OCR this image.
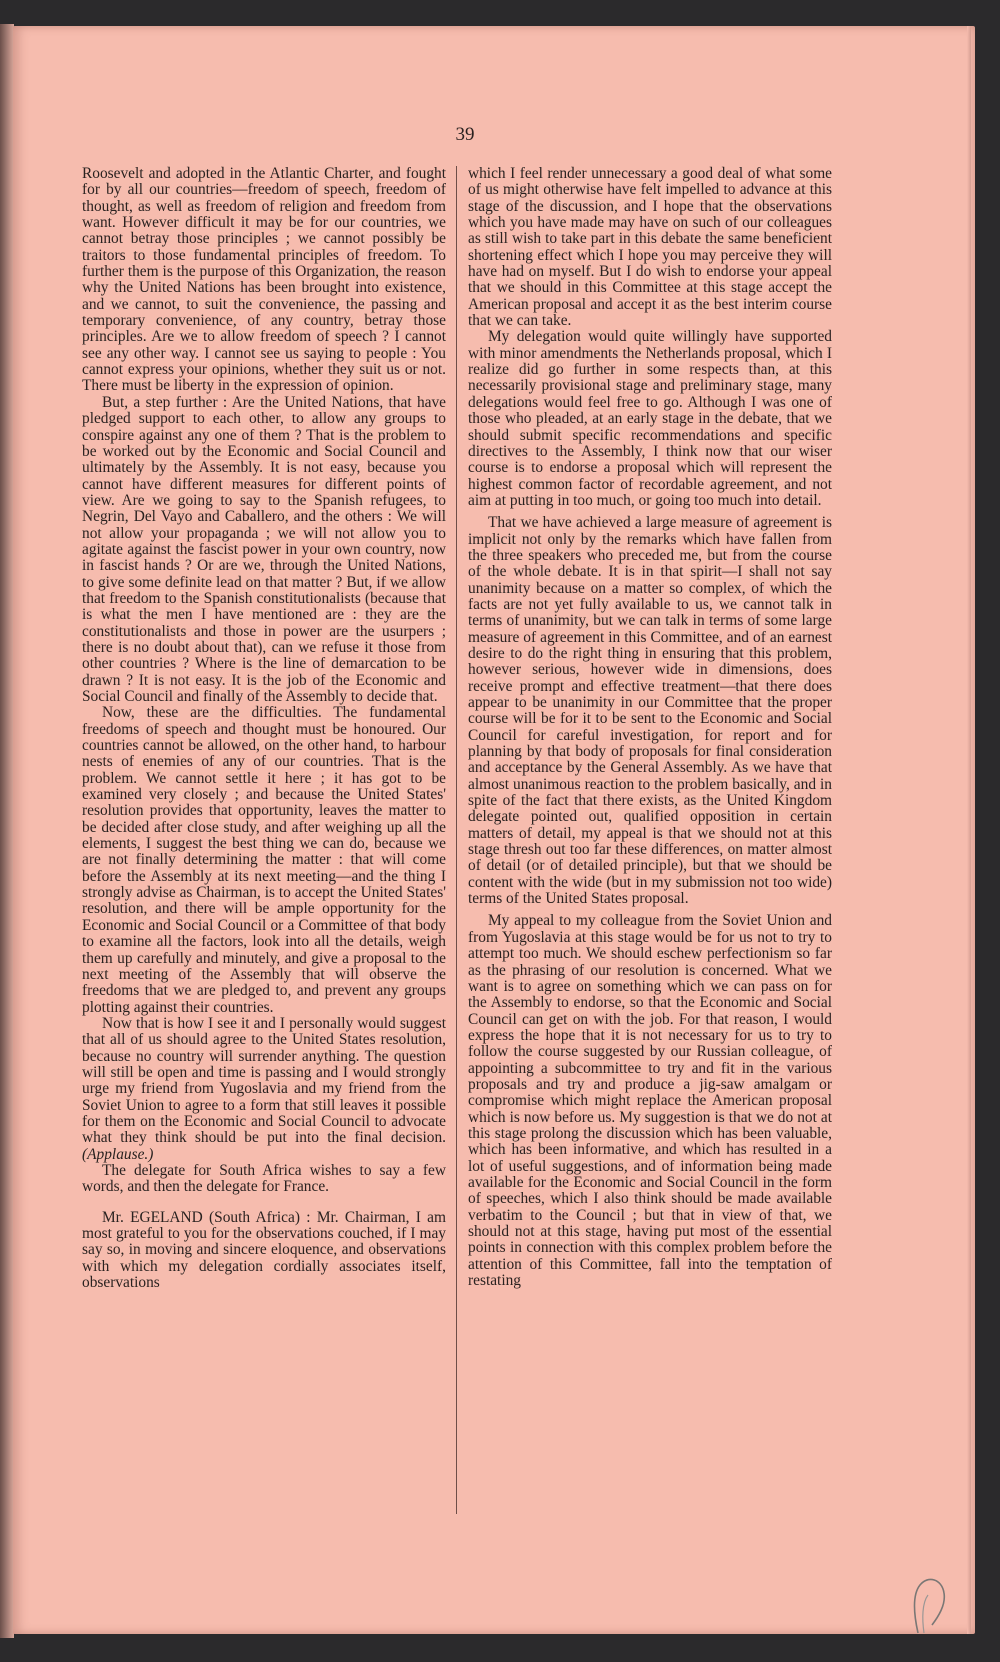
39

Roosevelt and adopted in the Atlantic Charter, and fought for by all our countries—freedom of speech, freedom of thought, as well as freedom of religion and freedom from want. However difficult it may be for our countries, we cannot betray those principles ; we cannot possibly be traitors to those fundamental principles of freedom. To further them is the purpose of this Organization, the reason why the United Nations has been brought into existence, and we cannot, to suit the convenience, the passing and temporary convenience, of any country, betray those principles. Are we to allow freedom of speech ? I cannot see any other way. I cannot see us saying to people : You cannot express your opinions, whether they suit us or not. There must be liberty in the expression of opinion.

But, a step further : Are the United Nations, that have pledged support to each other, to allow any groups to conspire against any one of them ? That is the problem to be worked out by the Economic and Social Council and ultimately by the Assembly. It is not easy, because you cannot have different measures for different points of view. Are we going to say to the Spanish refugees, to Negrin, Del Vayo and Caballero, and the others : We will not allow your propaganda ; we will not allow you to agitate against the fascist power in your own country, now in fascist hands ? Or are we, through the United Nations, to give some definite lead on that matter ? But, if we allow that freedom to the Spanish constitutionalists (because that is what the men I have mentioned are : they are the constitutionalists and those in power are the usurpers ; there is no doubt about that), can we refuse it those from other countries ? Where is the line of demarcation to be drawn ? It is not easy. It is the job of the Economic and Social Council and finally of the Assembly to decide that.

Now, these are the difficulties. The fundamental freedoms of speech and thought must be honoured. Our countries cannot be allowed, on the other hand, to harbour nests of enemies of any of our countries. That is the problem. We cannot settle it here ; it has got to be examined very closely ; and because the United States' resolution provides that opportunity, leaves the matter to be decided after close study, and after weighing up all the elements, I suggest the best thing we can do, because we are not finally determining the matter : that will come before the Assembly at its next meeting—and the thing I strongly advise as Chairman, is to accept the United States' resolution, and there will be ample opportunity for the Economic and Social Council or a Committee of that body to examine all the factors, look into all the details, weigh them up carefully and minutely, and give a proposal to the next meeting of the Assembly that will observe the freedoms that we are pledged to, and prevent any groups plotting against their countries.

Now that is how I see it and I personally would suggest that all of us should agree to the United States resolution, because no country will surrender anything. The question will still be open and time is passing and I would strongly urge my friend from Yugoslavia and my friend from the Soviet Union to agree to a form that still leaves it possible for them on the Economic and Social Council to advocate what they think should be put into the final decision. (Applause.)

The delegate for South Africa wishes to say a few words, and then the delegate for France.

Mr. EGELAND (South Africa) : Mr. Chairman, I am most grateful to you for the observations couched, if I may say so, in moving and sincere eloquence, and observations with which my delegation cordially associates itself, observations

which I feel render unnecessary a good deal of what some of us might otherwise have felt impelled to advance at this stage of the discussion, and I hope that the observations which you have made may have on such of our colleagues as still wish to take part in this debate the same beneficient shortening effect which I hope you may perceive they will have had on myself. But I do wish to endorse your appeal that we should in this Committee at this stage accept the American proposal and accept it as the best interim course that we can take.

My delegation would quite willingly have supported with minor amendments the Netherlands proposal, which I realize did go further in some respects than, at this necessarily provisional stage and preliminary stage, many delegations would feel free to go. Although I was one of those who pleaded, at an early stage in the debate, that we should submit specific recommendations and specific directives to the Assembly, I think now that our wiser course is to endorse a proposal which will represent the highest common factor of recordable agreement, and not aim at putting in too much, or going too much into detail.

That we have achieved a large measure of agreement is implicit not only by the remarks which have fallen from the three speakers who preceded me, but from the course of the whole debate. It is in that spirit—I shall not say unanimity because on a matter so complex, of which the facts are not yet fully available to us, we cannot talk in terms of unanimity, but we can talk in terms of some large measure of agreement in this Committee, and of an earnest desire to do the right thing in ensuring that this problem, however serious, however wide in dimensions, does receive prompt and effective treatment—that there does appear to be unanimity in our Committee that the proper course will be for it to be sent to the Economic and Social Council for careful investigation, for report and for planning by that body of proposals for final consideration and acceptance by the General Assembly. As we have that almost unanimous reaction to the problem basically, and in spite of the fact that there exists, as the United Kingdom delegate pointed out, qualified opposition in certain matters of detail, my appeal is that we should not at this stage thresh out too far these differences, on matter almost of detail (or of detailed principle), but that we should be content with the wide (but in my submission not too wide) terms of the United States proposal.

My appeal to my colleague from the Soviet Union and from Yugoslavia at this stage would be for us not to try to attempt too much. We should eschew perfectionism so far as the phrasing of our resolution is concerned. What we want is to agree on something which we can pass on for the Assembly to endorse, so that the Economic and Social Council can get on with the job. For that reason, I would express the hope that it is not necessary for us to try to follow the course suggested by our Russian colleague, of appointing a subcommittee to try and fit in the various proposals and try and produce a jig-saw amalgam or compromise which might replace the American proposal which is now before us. My suggestion is that we do not at this stage prolong the discussion which has been valuable, which has been informative, and which has resulted in a lot of useful suggestions, and of information being made available for the Economic and Social Council in the form of speeches, which I also think should be made available verbatim to the Council ; but that in view of that, we should not at this stage, having put most of the essential points in connection with this complex problem before the attention of this Committee, fall into the temptation of restating
